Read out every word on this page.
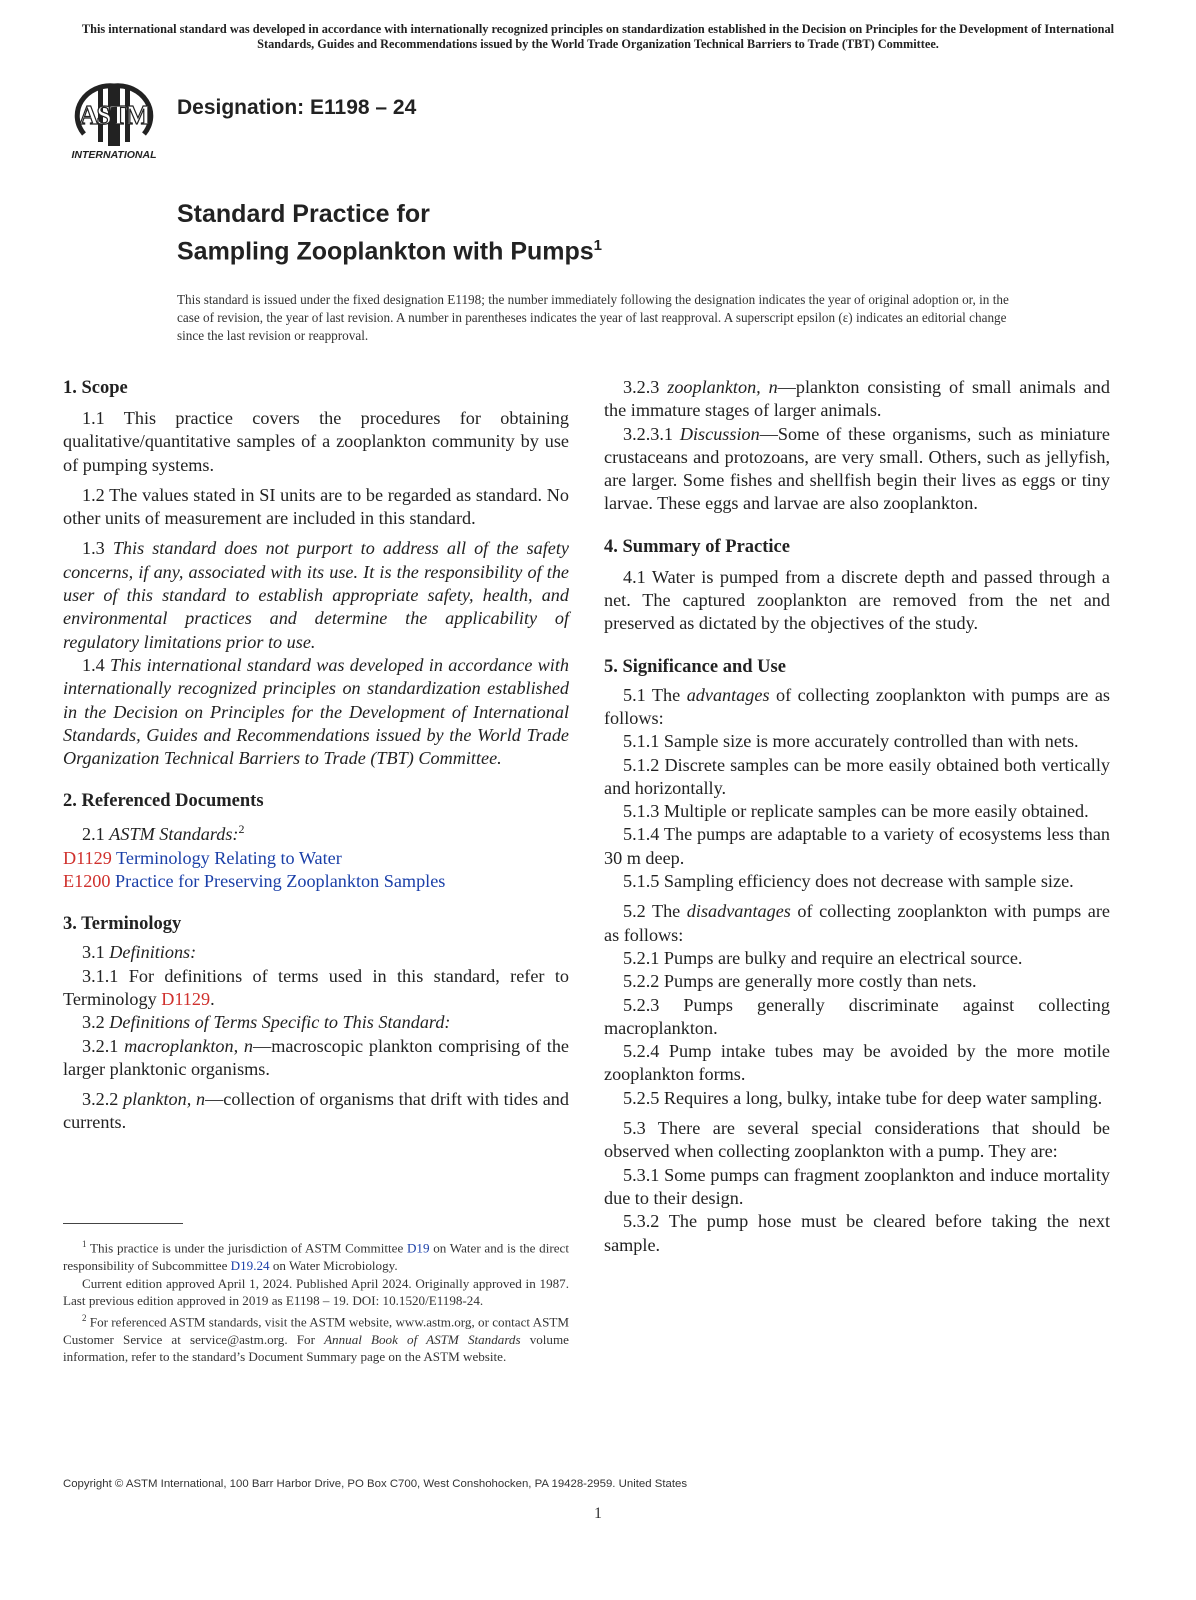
This international standard was developed in accordance with internationally recognized principles on standardization established in the Decision on Principles for the Development of International Standards, Guides and Recommendations issued by the World Trade Organization Technical Barriers to Trade (TBT) Committee.
ASTM
INTERNATIONAL
Designation: E1198 – 24
Standard Practice for
Sampling Zooplankton with Pumps$^1$
This standard is issued under the fixed designation E1198; the number immediately following the designation indicates the year of original adoption or, in the case of revision, the year of last revision. A number in parentheses indicates the year of last reapproval. A superscript epsilon (ε) indicates an editorial change since the last revision or reapproval.
1. Scope

1.1 This practice covers the procedures for obtaining qualitative/quantitative samples of a zooplankton community by use of pumping systems.

1.2 The values stated in SI units are to be regarded as standard. No other units of measurement are included in this standard.

1.3 This standard does not purport to address all of the safety concerns, if any, associated with its use. It is the responsibility of the user of this standard to establish appropriate safety, health, and environmental practices and determine the applicability of regulatory limitations prior to use.

1.4 This international standard was developed in accordance with internationally recognized principles on standardization established in the Decision on Principles for the Development of International Standards, Guides and Recommendations issued by the World Trade Organization Technical Barriers to Trade (TBT) Committee.

2. Referenced Documents

2.1 ASTM Standards:$^2$

D1129 Terminology Relating to Water

E1200 Practice for Preserving Zooplankton Samples

3. Terminology

3.1 Definitions:

3.1.1 For definitions of terms used in this standard, refer to Terminology D1129.

3.2 Definitions of Terms Specific to This Standard:

3.2.1 macroplankton, n—macroscopic plankton comprising of the larger planktonic organisms.

3.2.2 plankton, n—collection of organisms that drift with tides and currents.

3.2.3 zooplankton, n—plankton consisting of small animals and the immature stages of larger animals.

3.2.3.1 Discussion—Some of these organisms, such as miniature crustaceans and protozoans, are very small. Others, such as jellyfish, are larger. Some fishes and shellfish begin their lives as eggs or tiny larvae. These eggs and larvae are also zooplankton.

4. Summary of Practice

4.1 Water is pumped from a discrete depth and passed through a net. The captured zooplankton are removed from the net and preserved as dictated by the objectives of the study.

5. Significance and Use

5.1 The advantages of collecting zooplankton with pumps are as follows:

5.1.1 Sample size is more accurately controlled than with nets.

5.1.2 Discrete samples can be more easily obtained both vertically and horizontally.

5.1.3 Multiple or replicate samples can be more easily obtained.

5.1.4 The pumps are adaptable to a variety of ecosystems less than 30 m deep.

5.1.5 Sampling efficiency does not decrease with sample size.

5.2 The disadvantages of collecting zooplankton with pumps are as follows:

5.2.1 Pumps are bulky and require an electrical source.

5.2.2 Pumps are generally more costly than nets.

5.2.3 Pumps generally discriminate against collecting macroplankton.

5.2.4 Pump intake tubes may be avoided by the more motile zooplankton forms.

5.2.5 Requires a long, bulky, intake tube for deep water sampling.

5.3 There are several special considerations that should be observed when collecting zooplankton with a pump. They are:

5.3.1 Some pumps can fragment zooplankton and induce mortality due to their design.

5.3.2 The pump hose must be cleared before taking the next sample.

$^1$ This practice is under the jurisdiction of ASTM Committee D19 on Water and is the direct responsibility of Subcommittee D19.24 on Water Microbiology.

Current edition approved April 1, 2024. Published April 2024. Originally approved in 1987. Last previous edition approved in 2019 as E1198 – 19. DOI: 10.1520/E1198-24.

$^2$ For referenced ASTM standards, visit the ASTM website, www.astm.org, or contact ASTM Customer Service at service@astm.org. For Annual Book of ASTM Standards volume information, refer to the standard’s Document Summary page on the ASTM website.

Copyright © ASTM International, 100 Barr Harbor Drive, PO Box C700, West Conshohocken, PA 19428-2959. United States
1
